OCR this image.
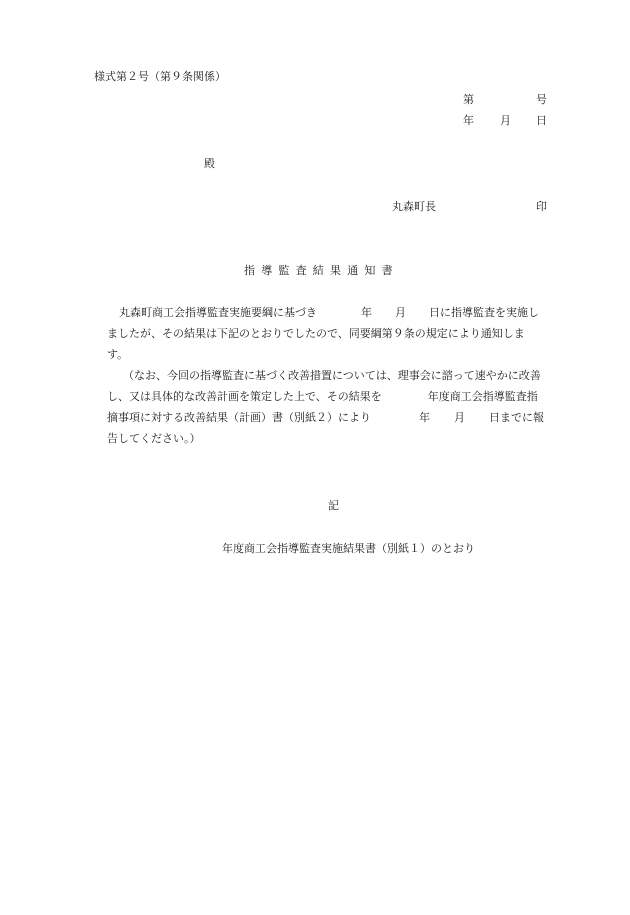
様式第２号（第９条関係）
第	号
年 月 日
殿
丸森町長	印
指導監査結果通知書
丸森町商工会指導監査実施要綱に基づき	年 月 日に指導監査を実施し
ましたが、その結果は下記のとおりでしたので、同要綱第９条の規定により通知しま
す。
（なお、今回の指導監査に基づく改善措置については、理事会に諮って速やかに改善
し、又は具体的な改善計画を策定した上で、その結果を	年度商工会指導監査指
摘事項に対する改善結果（計画）書（別紙２）により	年 月 日までに報
告してください。）
記
年度商工会指導監査実施結果書（別紙１）のとおり
